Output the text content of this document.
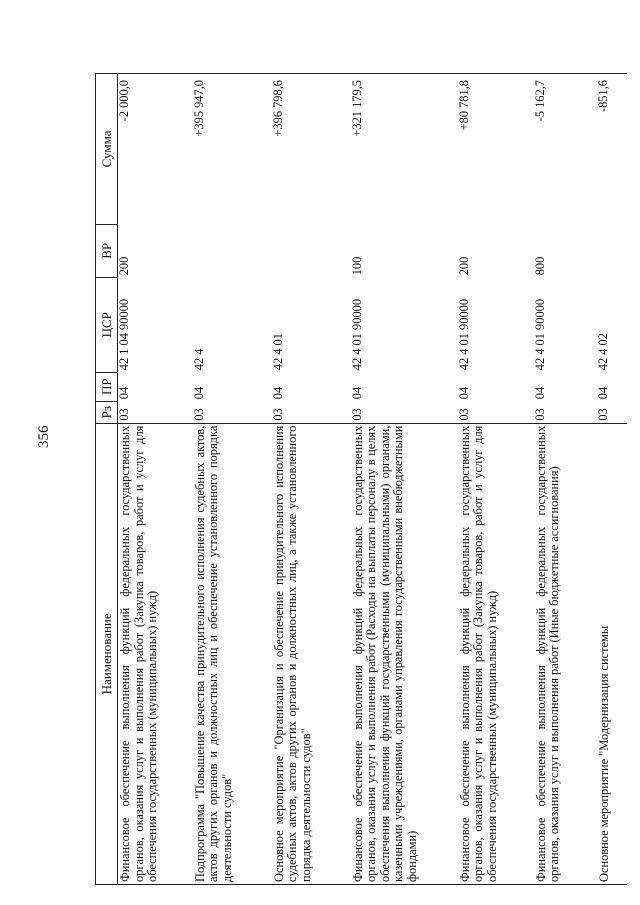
356
Наименование	Рз	ПР	ЦСР	ВР	Сумма
Финансовое обеспечение выполнения функций федеральных государственных органов, оказания услуг и выполнения работ (Закупка товаров, работ и услуг для обеспечения государственных (муниципальных) нужд)	03	04	42 1 04 90000	200	-2 000,0
Подпрограмма "Повышение качества принудительного исполнения судебных актов, актов других органов и должностных лиц и обеспечение установленного порядка деятельности судов"	03	04	42 4		+395 947,0
Основное мероприятие "Организация и обеспечение принудительного исполнения судебных актов, актов других органов и должностных лиц, а также установленного порядка деятельности судов"	03	04	42 4 01		+396 798,6
Финансовое обеспечение выполнения функций федеральных государственных органов, оказания услуг и выполнения работ (Расходы на выплаты персоналу в целях обеспечения выполнения функций государственными (муниципальными) органами, казенными учреждениями, органами управления государственными внебюджетными фондами)	03	04	42 4 01 90000	100	+321 179,5
Финансовое обеспечение выполнения функций федеральных государственных органов, оказания услуг и выполнения работ (Закупка товаров, работ и услуг для обеспечения государственных (муниципальных) нужд)	03	04	42 4 01 90000	200	+80 781,8
Финансовое обеспечение выполнения функций федеральных государственных органов, оказания услуг и выполнения работ (Иные бюджетные ассигнования)	03	04	42 4 01 90000	800	-5 162,7
Основное мероприятие "Модернизация системы	03	04	42 4 02		-851,6
